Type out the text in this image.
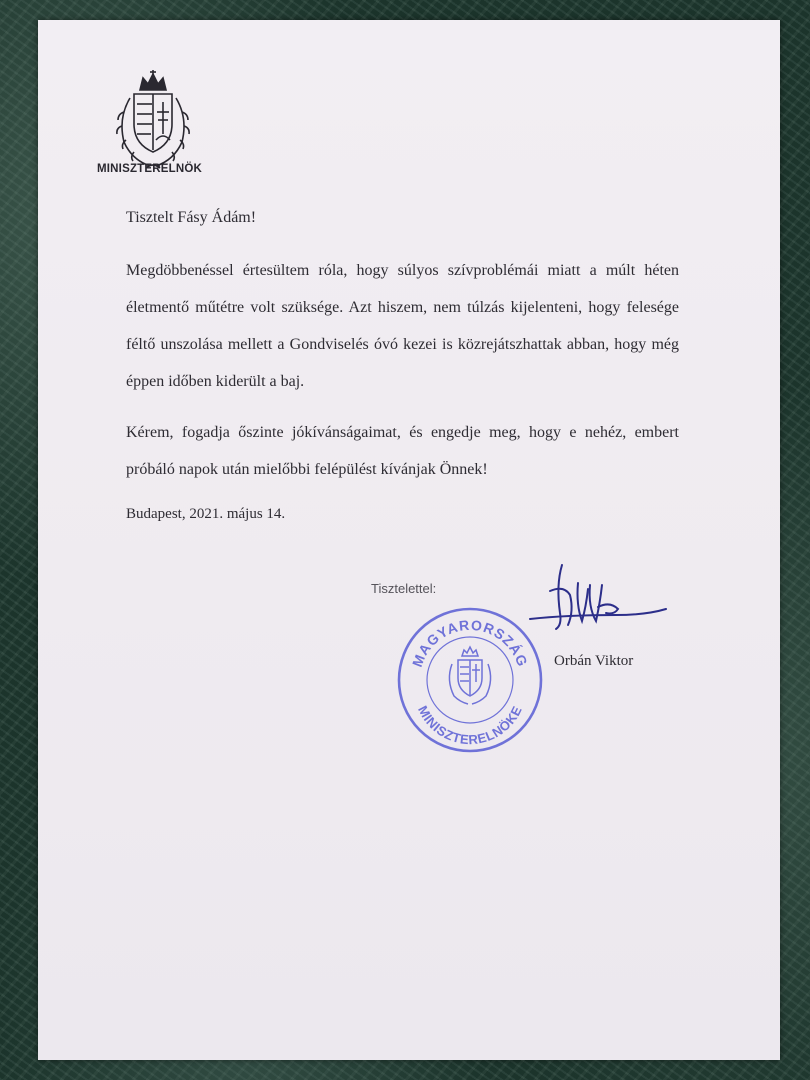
MINISZTERELNÖK
Tisztelt Fásy Ádám!
Megdöbbenéssel értesültem róla, hogy súlyos szívproblémái miatt a múlt héten életmentő műtétre volt szüksége. Azt hiszem, nem túlzás kijelenteni, hogy felesége féltő unszolása mellett a Gondviselés óvó kezei is közrejátszhattak abban, hogy még éppen időben kiderült a baj.
Kérem, fogadja őszinte jókívánságaimat, és engedje meg, hogy e nehéz, embert próbáló napok után mielőbbi felépülést kívánjak Önnek!
Budapest, 2021. május 14.
Tisztelettel:
MAGYARORSZÁG
MINISZTERELNÖKE
Orbán Viktor
